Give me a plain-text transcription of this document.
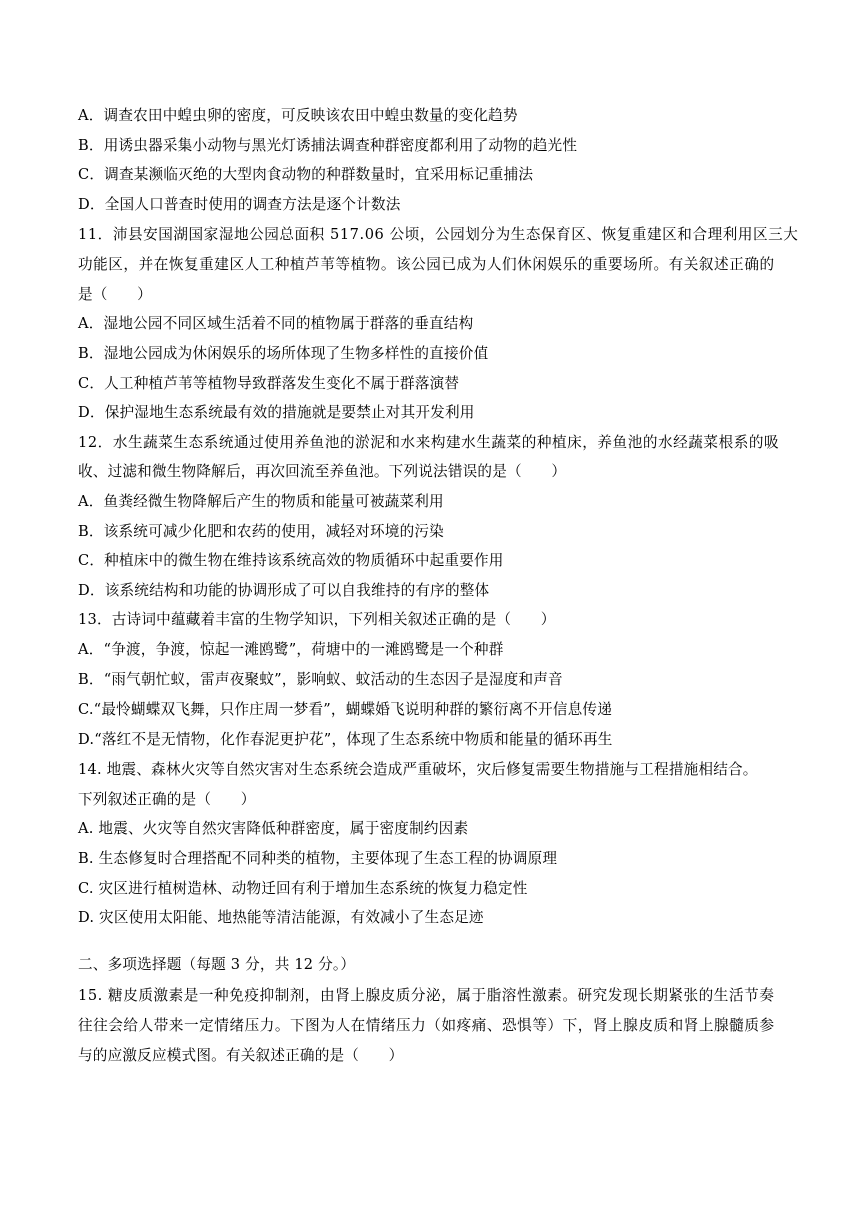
A．调查农田中蝗虫卵的密度，可反映该农田中蝗虫数量的变化趋势
B．用诱虫器采集小动物与黑光灯诱捕法调查种群密度都利用了动物的趋光性
C．调查某濒临灭绝的大型肉食动物的种群数量时，宜采用标记重捕法
D．全国人口普查时使用的调查方法是逐个计数法
11．沛县安国湖国家湿地公园总面积 517.06 公顷，公园划分为生态保育区、恢复重建区和合理利用区三大
功能区，并在恢复重建区人工种植芦苇等植物。该公园已成为人们休闲娱乐的重要场所。有关叙述正确的
是（　　）
A．湿地公园不同区域生活着不同的植物属于群落的垂直结构
B．湿地公园成为休闲娱乐的场所体现了生物多样性的直接价值
C．人工种植芦苇等植物导致群落发生变化不属于群落演替
D．保护湿地生态系统最有效的措施就是要禁止对其开发利用
12．水生蔬菜生态系统通过使用养鱼池的淤泥和水来构建水生蔬菜的种植床，养鱼池的水经蔬菜根系的吸
收、过滤和微生物降解后，再次回流至养鱼池。下列说法错误的是（　　）
A．鱼粪经微生物降解后产生的物质和能量可被蔬菜利用
B．该系统可减少化肥和农药的使用，减轻对环境的污染
C．种植床中的微生物在维持该系统高效的物质循环中起重要作用
D．该系统结构和功能的协调形成了可以自我维持的有序的整体
13．古诗词中蕴藏着丰富的生物学知识，下列相关叙述正确的是（　　）
A．“争渡，争渡，惊起一滩鸥鹭”，荷塘中的一滩鸥鹭是一个种群
B．“雨气朝忙蚁，雷声夜聚蚊”，影响蚁、蚊活动的生态因子是湿度和声音
C.“最怜蝴蝶双飞舞，只作庄周一梦看”，蝴蝶婚飞说明种群的繁衍离不开信息传递
D.“落红不是无情物，化作春泥更护花”，体现了生态系统中物质和能量的循环再生
14. 地震、森林火灾等自然灾害对生态系统会造成严重破坏，灾后修复需要生物措施与工程措施相结合。
下列叙述正确的是（　　）
A. 地震、火灾等自然灾害降低种群密度，属于密度制约因素
B. 生态修复时合理搭配不同种类的植物，主要体现了生态工程的协调原理
C. 灾区进行植树造林、动物迁回有利于增加生态系统的恢复力稳定性
D. 灾区使用太阳能、地热能等清洁能源，有效减小了生态足迹
二、多项选择题（每题 3 分，共 12 分。）
15. 糖皮质激素是一种免疫抑制剂，由肾上腺皮质分泌，属于脂溶性激素。研究发现长期紧张的生活节奏
往往会给人带来一定情绪压力。下图为人在情绪压力（如疼痛、恐惧等）下，肾上腺皮质和肾上腺髓质参
与的应激反应模式图。有关叙述正确的是（　　）
